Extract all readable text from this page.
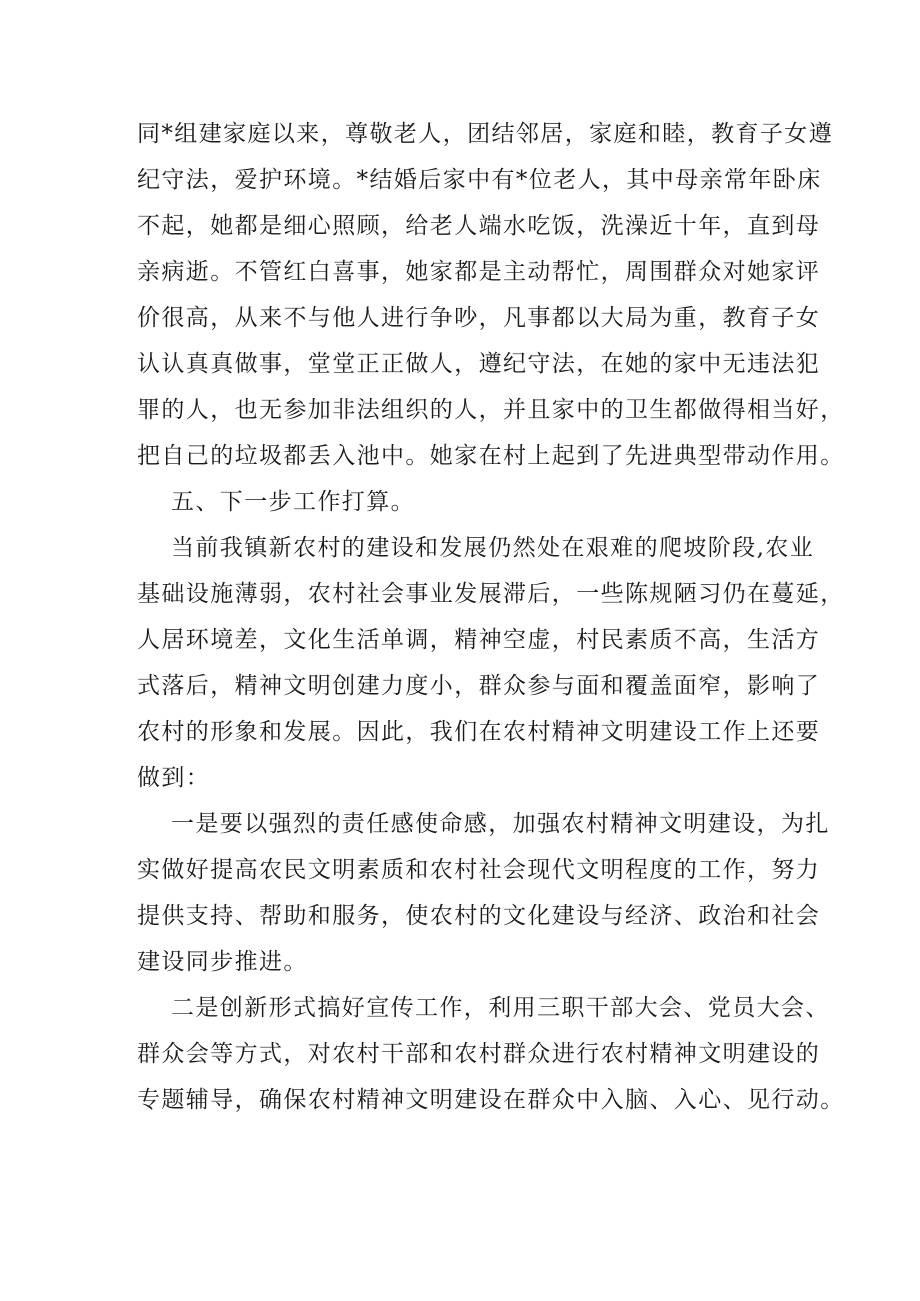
同*组建家庭以来，尊敬老人，团结邻居，家庭和睦，教育子女遵
纪守法，爱护环境。*结婚后家中有*位老人，其中母亲常年卧床
不起，她都是细心照顾，给老人端水吃饭，洗澡近十年，直到母
亲病逝。不管红白喜事，她家都是主动帮忙，周围群众对她家评
价很高，从来不与他人进行争吵，凡事都以大局为重，教育子女
认认真真做事，堂堂正正做人，遵纪守法，在她的家中无违法犯
罪的人，也无参加非法组织的人，并且家中的卫生都做得相当好，
把自己的垃圾都丢入池中。她家在村上起到了先进典型带动作用。
五、下一步工作打算。
当前我镇新农村的建设和发展仍然处在艰难的爬坡阶段,农业
基础设施薄弱，农村社会事业发展滞后，一些陈规陋习仍在蔓延，
人居环境差，文化生活单调，精神空虚，村民素质不高，生活方
式落后，精神文明创建力度小，群众参与面和覆盖面窄，影响了
农村的形象和发展。因此，我们在农村精神文明建设工作上还要
做到：
一是要以强烈的责任感使命感，加强农村精神文明建设，为扎
实做好提高农民文明素质和农村社会现代文明程度的工作，努力
提供支持、帮助和服务，使农村的文化建设与经济、政治和社会
建设同步推进。
二是创新形式搞好宣传工作，利用三职干部大会、党员大会、
群众会等方式，对农村干部和农村群众进行农村精神文明建设的
专题辅导，确保农村精神文明建设在群众中入脑、入心、见行动。
